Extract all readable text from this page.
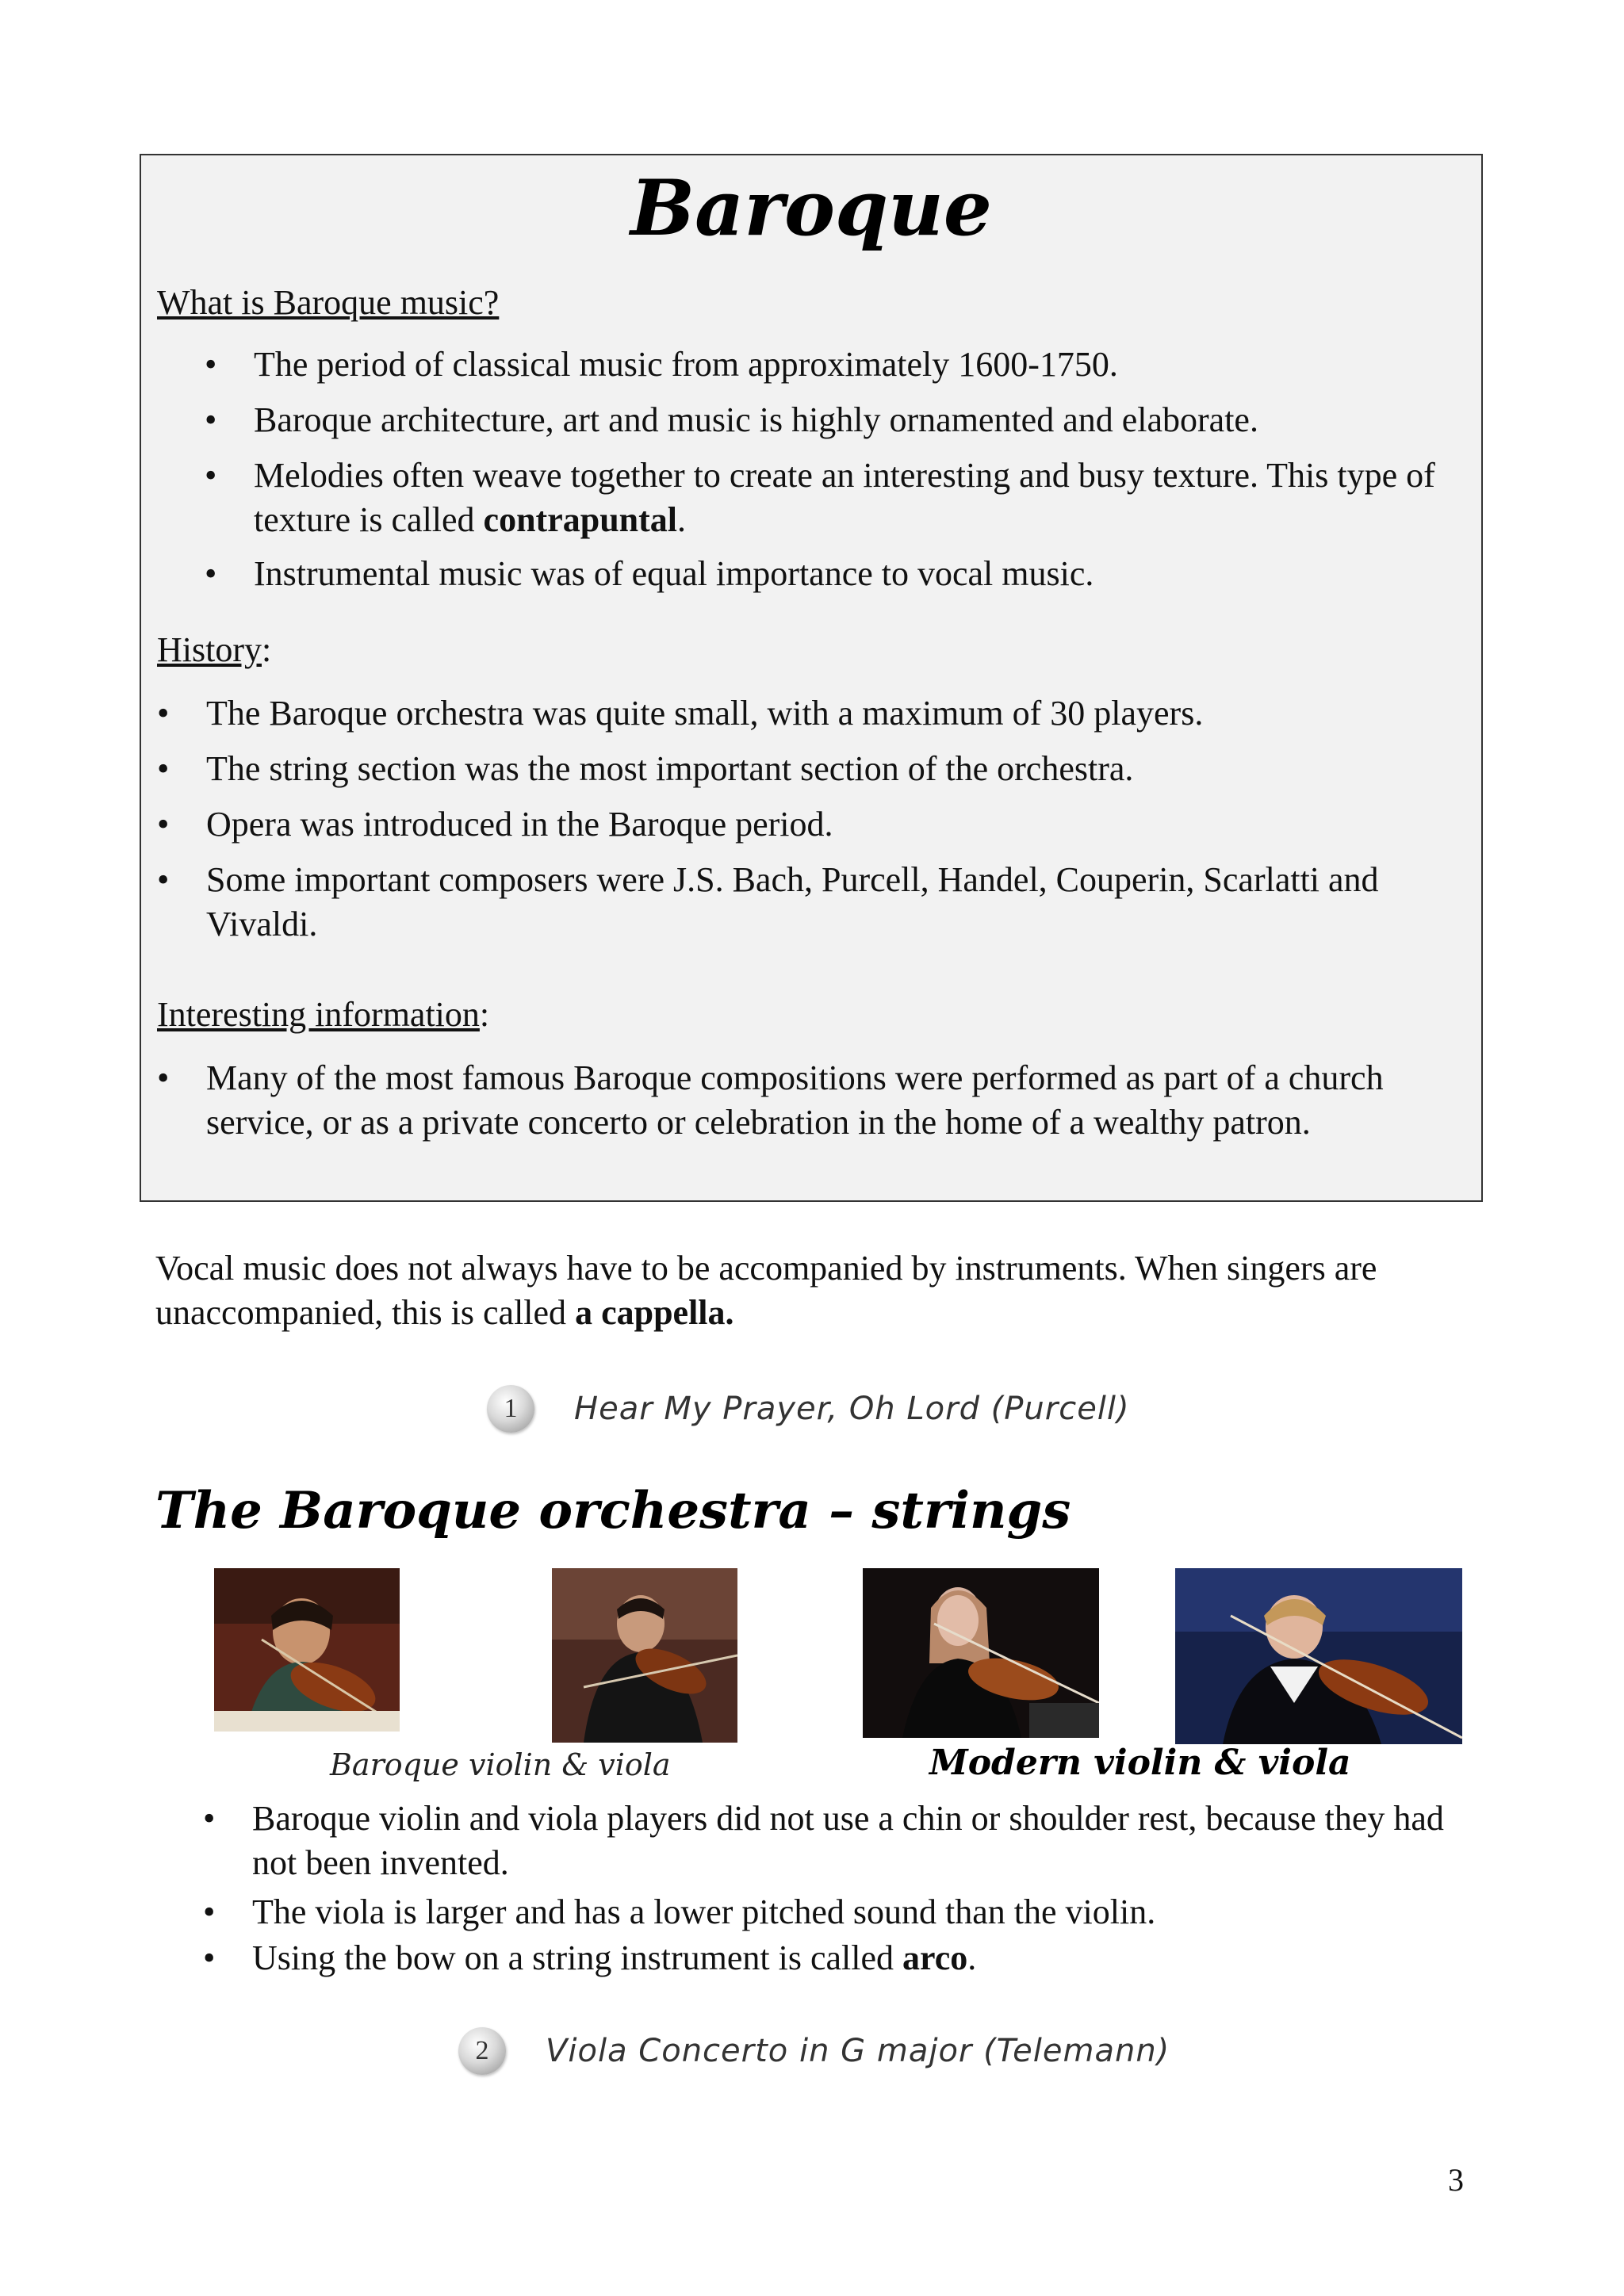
Baroque
What is Baroque music?
• The period of classical music from approximately 1600-1750.
• Baroque architecture, art and music is highly ornamented and elaborate.
• Melodies often weave together to create an interesting and busy texture. This type of texture is called contrapuntal.
• Instrumental music was of equal importance to vocal music.
History:
• The Baroque orchestra was quite small, with a maximum of 30 players.
• The string section was the most important section of the orchestra.
• Opera was introduced in the Baroque period.
• Some important composers were J.S. Bach, Purcell, Handel, Couperin, Scarlatti and Vivaldi.
Interesting information:
• Many of the most famous Baroque compositions were performed as part of a church service, or as a private concerto or celebration in the home of a wealthy patron.

Vocal music does not always have to be accompanied by instruments. When singers are unaccompanied, this is called a cappella.

1	Hear My Prayer, Oh Lord (Purcell)
The Baroque orchestra – strings
Baroque violin & viola	Modern violin & viola
• Baroque violin and viola players did not use a chin or shoulder rest, because they had not been invented.
• The viola is larger and has a lower pitched sound than the violin.
• Using the bow on a string instrument is called arco.
2	Viola Concerto in G major (Telemann)
3
